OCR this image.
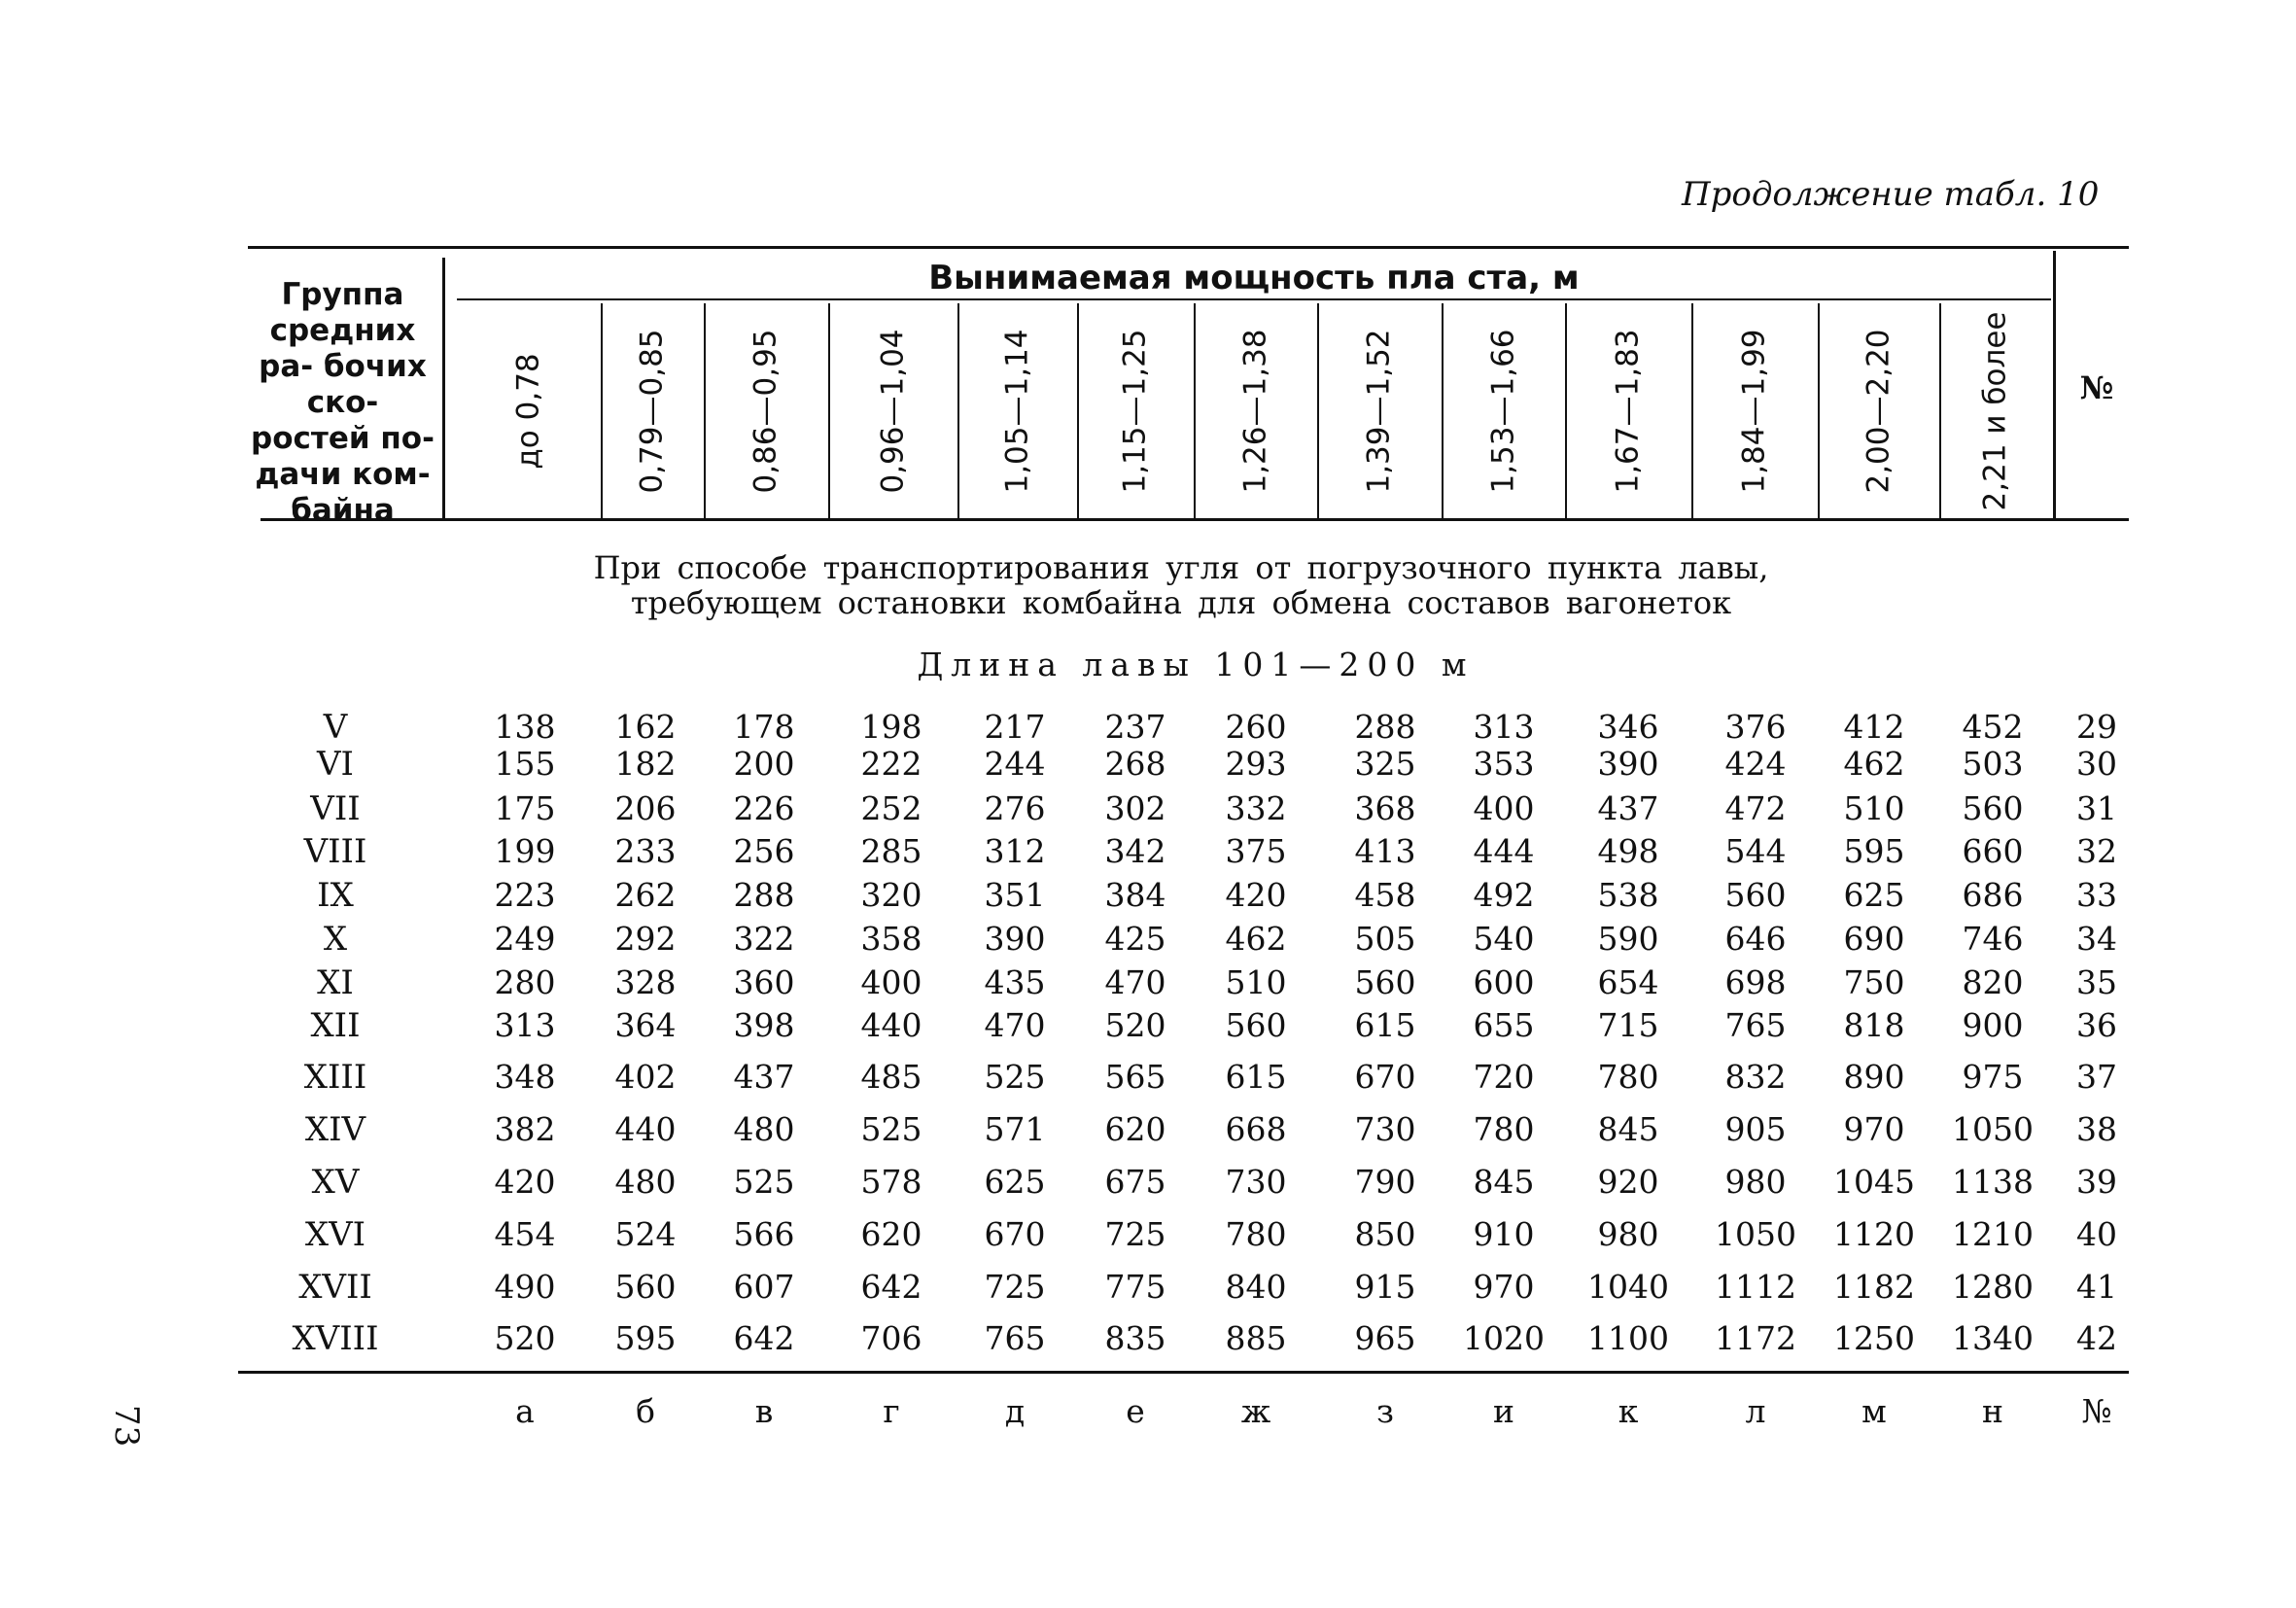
Продолжение табл. 10
Группа средних ра- бочих ско- ростей по- дачи ком- байна
Вынимаемая мощность пла ста, м
до 0,78	0,79—0,85	0,86—0,95	0,96—1,04	1,05—1,14	1,15—1,25	1,26—1,38	1,39—1,52	1,53—1,66	1,67—1,83	1,84—1,99	2,00—2,20	2,21 и более	№
При способе транспортирования угля от погрузочного пункта лавы,
требующем остановки комбайна для обмена составов вагонеток
Длина лавы 101—200 м
V	138	162	178	198	217	237	260	288	313	346	376	412	452	29
VI	155	182	200	222	244	268	293	325	353	390	424	462	503	30
VII	175	206	226	252	276	302	332	368	400	437	472	510	560	31
VIII	199	233	256	285	312	342	375	413	444	498	544	595	660	32
IX	223	262	288	320	351	384	420	458	492	538	560	625	686	33
X	249	292	322	358	390	425	462	505	540	590	646	690	746	34
XI	280	328	360	400	435	470	510	560	600	654	698	750	820	35
XII	313	364	398	440	470	520	560	615	655	715	765	818	900	36
XIII	348	402	437	485	525	565	615	670	720	780	832	890	975	37
XIV	382	440	480	525	571	620	668	730	780	845	905	970	1050	38
XV	420	480	525	578	625	675	730	790	845	920	980	1045	1138	39
XVI	454	524	566	620	670	725	780	850	910	980	1050	1120	1210	40
XVII	490	560	607	642	725	775	840	915	970	1040	1112	1182	1280	41
XVIII	520	595	642	706	765	835	885	965	1020	1100	1172	1250	1340	42
а	б	в	г	д	е	ж	з	и	к	л	м	н	№
73
